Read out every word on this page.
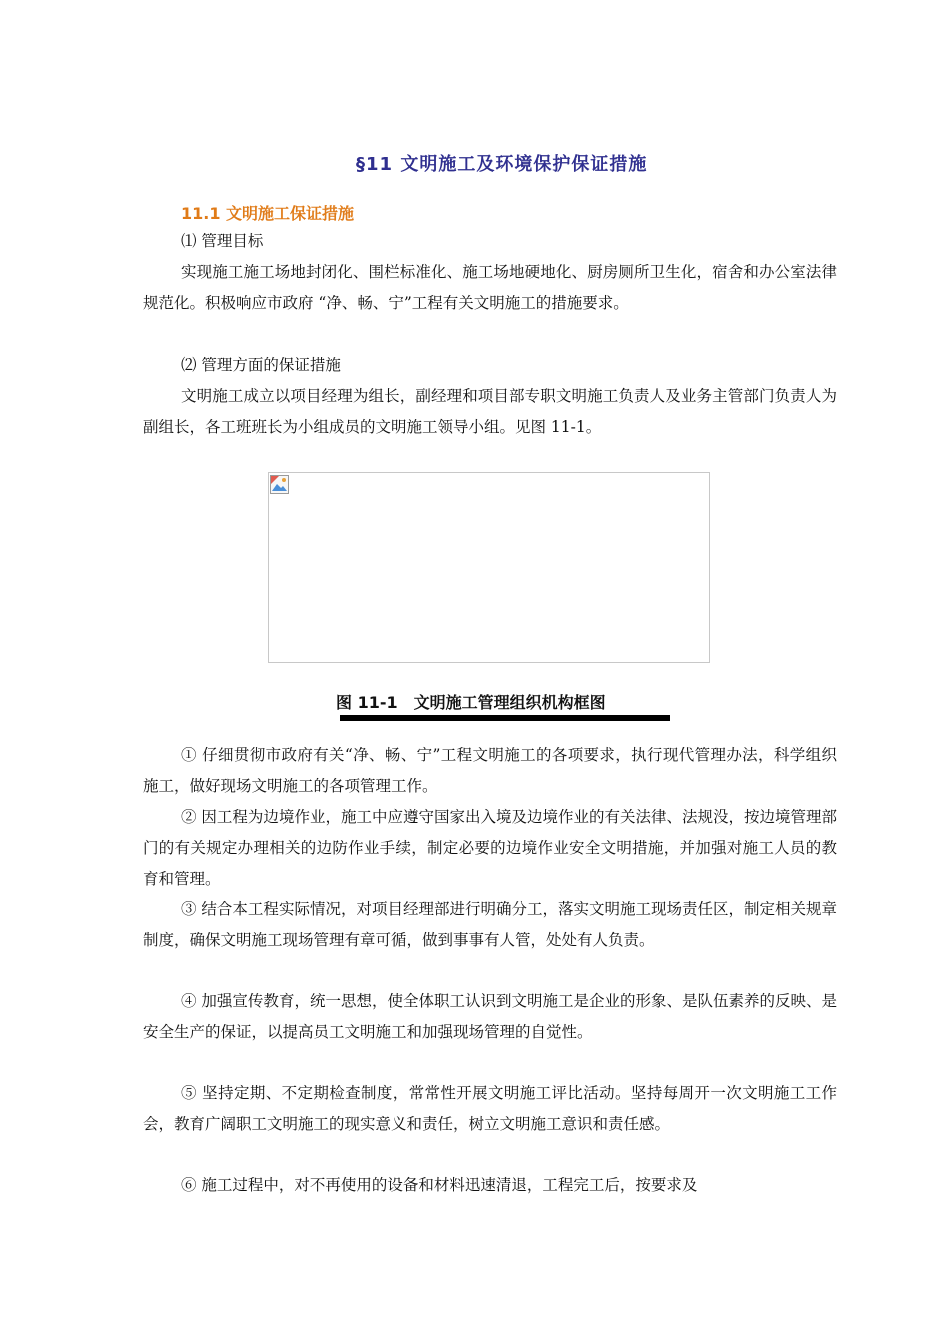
§11 文明施工及环境保护保证措施
11.1 文明施工保证措施

⑴ 管理目标

实现施工施工场地封闭化、围栏标准化、施工场地硬地化、厨房厕所卫生化，宿舍和办公室法律规范化。积极响应市政府 “净、畅、宁”工程有关文明施工的措施要求。

⑵ 管理方面的保证措施

文明施工成立以项目经理为组长，副经理和项目部专职文明施工负责人及业务主管部门负责人为副组长，各工班班长为小组成员的文明施工领导小组。见图 11-1。

图 11-1　文明施工管理组织机构框图

① 仔细贯彻市政府有关“净、畅、宁”工程文明施工的各项要求，执行现代管理办法，科学组织施工，做好现场文明施工的各项管理工作。

② 因工程为边境作业，施工中应遵守国家出入境及边境作业的有关法律、法规没，按边境管理部门的有关规定办理相关的边防作业手续，制定必要的边境作业安全文明措施，并加强对施工人员的教育和管理。

③ 结合本工程实际情况，对项目经理部进行明确分工，落实文明施工现场责任区，制定相关规章制度，确保文明施工现场管理有章可循，做到事事有人管，处处有人负责。

④ 加强宣传教育，统一思想，使全体职工认识到文明施工是企业的形象、是队伍素养的反映、是安全生产的保证，以提高员工文明施工和加强现场管理的自觉性。

⑤ 坚持定期、不定期检查制度，常常性开展文明施工评比活动。坚持每周开一次文明施工工作会，教育广阔职工文明施工的现实意义和责任，树立文明施工意识和责任感。

⑥ 施工过程中，对不再使用的设备和材料迅速清退，工程完工后，按要求及
